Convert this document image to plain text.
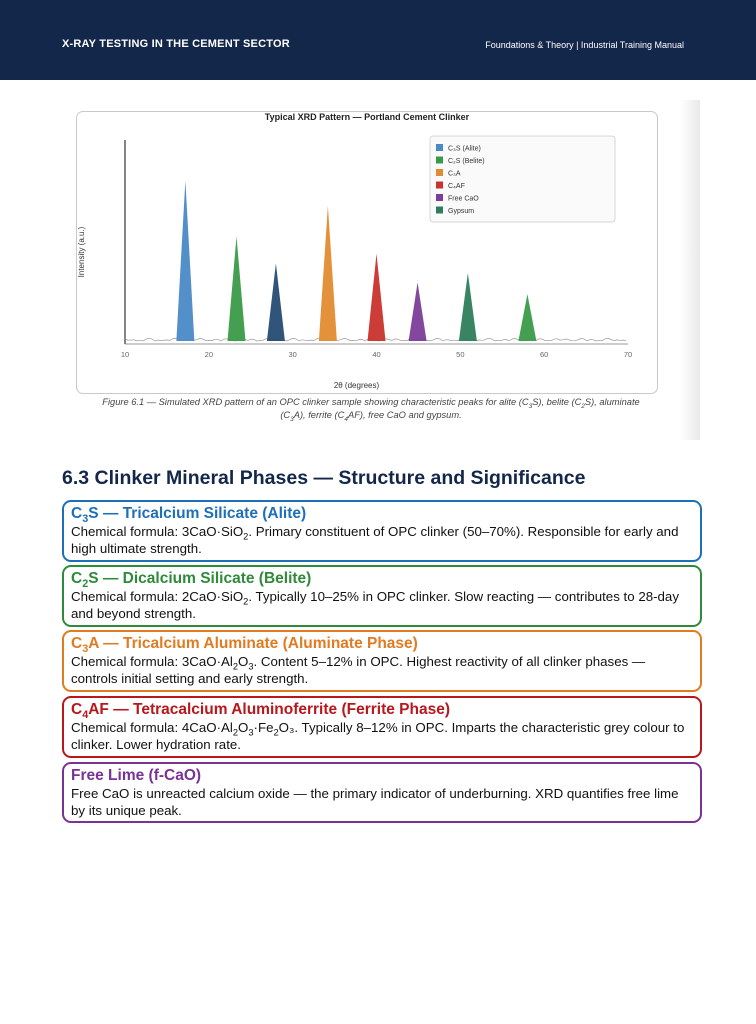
X-RAY TESTING IN THE CEMENT SECTOR	Foundations & Theory | Industrial Training Manual
Typical XRD Pattern — Portland Cement Clinker
10	20	30	40	50	60	70
2θ (degrees)
Intensity (a.u.)
C₃S (Alite)
C₂S (Belite)
C₃A
C₄AF
Free CaO
Gypsum
Figure 6.1 — Simulated XRD pattern of an OPC clinker sample showing characteristic peaks for alite $(C_3S)$, belite $(C_2S)$, aluminate
$(C_3A)$, ferrite $(C_4AF)$, free CaO and gypsum.
6.3 Clinker Mineral Phases — Structure and Significance
$C_3S$ — Tricalcium Silicate (Alite)
Chemical formula: 3CaO·SiO$_2$. Primary constituent of OPC clinker (50–70%). Responsible for early and high ultimate strength.
$C_2S$ — Dicalcium Silicate (Belite)
Chemical formula: 2CaO·SiO$_2$. Typically 10–25% in OPC clinker. Slow reacting — contributes to 28-day and beyond strength.
$C_3A$ — Tricalcium Aluminate (Aluminate Phase)
Chemical formula: $3CaO\cdot Al_2O_3$. Content 5–12% in OPC. Highest reactivity of all clinker phases — controls initial setting and early strength.
$C_4AF$ — Tetracalcium Aluminoferrite (Ferrite Phase)
Chemical formula: $4CaO\cdot Al_2O_3\cdot Fe_2O_3$. Typically 8–12% in OPC. Imparts the characteristic grey colour to clinker. Lower hydration rate.
Free Lime (f-CaO)
Free CaO is unreacted calcium oxide — the primary indicator of underburning. XRD quantifies free lime by its unique peak.
